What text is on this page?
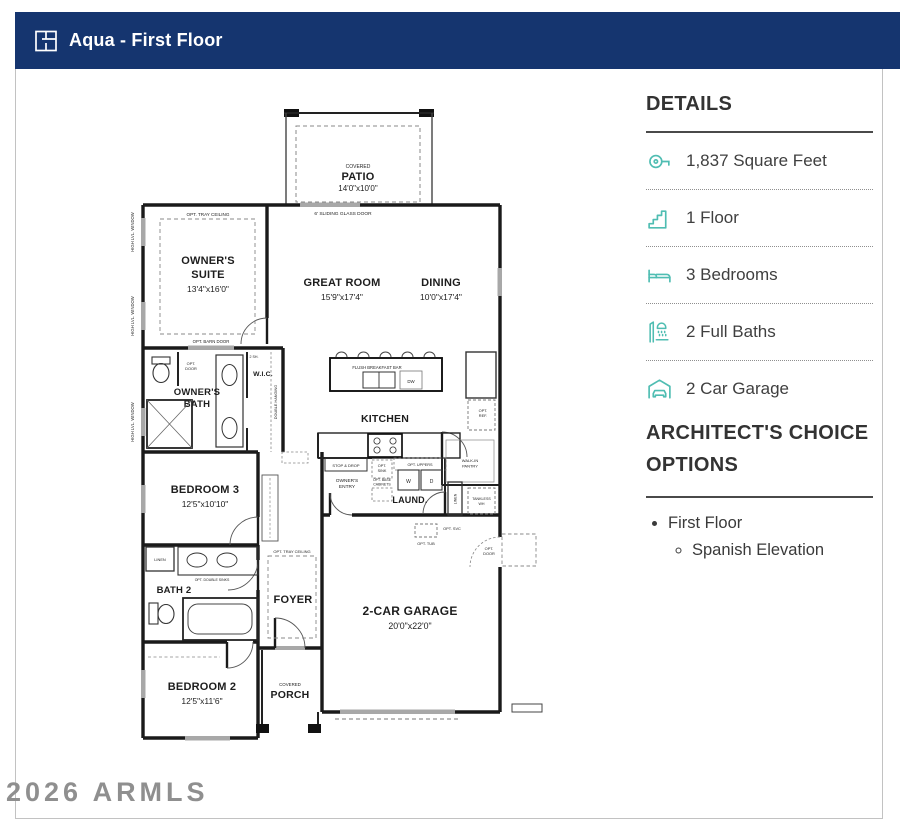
Aqua - First Floor
DETAILS
1,837 Square Feet
1 Floor
3 Bedrooms
2 Full Baths
2 Car Garage
ARCHITECT'S CHOICE OPTIONS
• First Floor
◦ Spanish Elevation
OPT. TRAY CEILING
OWNER'S
SUITE
13'4"x16'0"
OPT. BARN DOOR
HIGH LVL. WINDOW
HIGH LVL. WINDOW
HIGH LVL. WINDOW
COVERED
PATIO
14'0"x10'0"
6' SLIDING GLASS DOOR
GREAT ROOM
15'9"x17'4"
DINING
10'0"x17'4"
OPT.
DOOR
OWNER'S
BATH
W.I.C.
2 SH.
DOUBLE HANGING
FLUSH BREAKFAST BAR
DW
KITCHEN
OPT.
REF.
WALK-IN
PANTRY
STOP & DROP
OWNER'S
ENTRY
OPT.
SINK
OPT. BASE
CABINETS
OPT. UPPERS
W	D
LAUND.	LINEN	TANKLESS
WH
OPT. SVC
OPT. TUB
2-CAR GARAGE
20'0"x22'0"
OPT.
DOOR
OPT. TRAY CEILING
FOYER
COVERED
PORCH
BEDROOM 3
12'5"x10'10"
LINEN
OPT. DOUBLE SINKS
BATH 2
BEDROOM 2
12'5"x11'6"
2026 ARMLS
